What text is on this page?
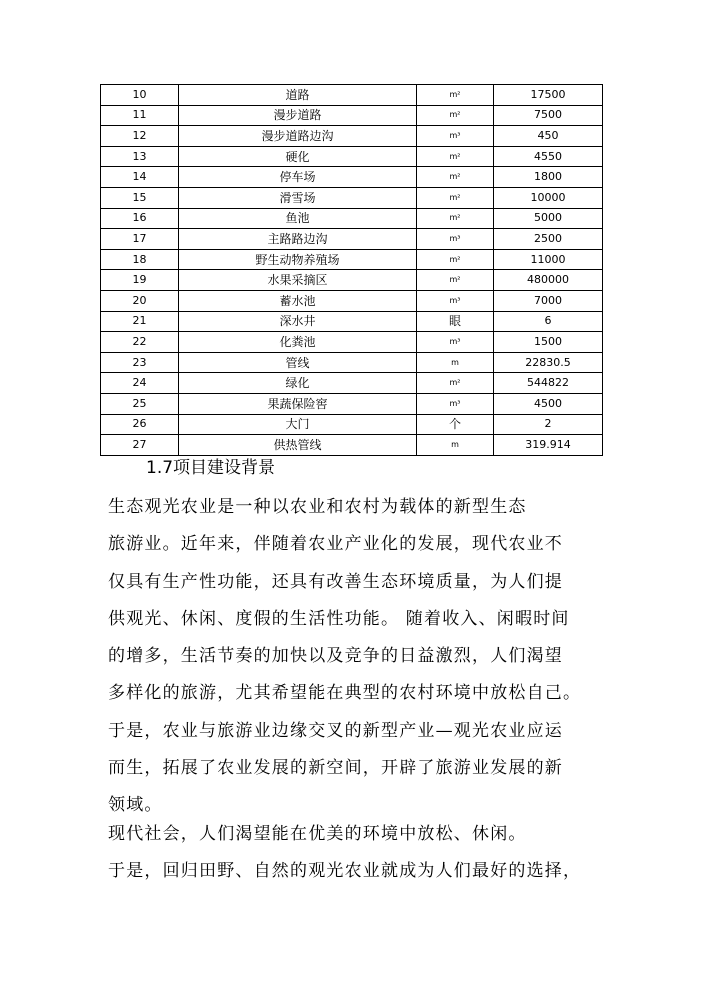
10	道路	m²	17500
11	漫步道路	m²	7500
12	漫步道路边沟	m³	450
13	硬化	m²	4550
14	停车场	m²	1800
15	滑雪场	m²	10000
16	鱼池	m²	5000
17	主路路边沟	m³	2500
18	野生动物养殖场	m²	11000
19	水果采摘区	m²	480000
20	蓄水池	m³	7000
21	深水井	眼	6
22	化粪池	m³	1500
23	管线	m	22830.5
24	绿化	m²	544822
25	果蔬保险窖	m³	4500
26	大门	个	2
27	供热管线	m	319.914
1.7项目建设背景
生态观光农业是一种以农业和农村为载体的新型生态
旅游业。近年来，伴随着农业产业化的发展，现代农业不
仅具有生产性功能，还具有改善生态环境质量，为人们提
供观光、休闲、度假的生活性功能。 随着收入、闲暇时间
的增多，生活节奏的加快以及竞争的日益激烈，人们渴望
多样化的旅游，尤其希望能在典型的农村环境中放松自己。
于是，农业与旅游业边缘交叉的新型产业—观光农业应运
而生，拓展了农业发展的新空间，开辟了旅游业发展的新
领域。
现代社会，人们渴望能在优美的环境中放松、休闲。
于是，回归田野、自然的观光农业就成为人们最好的选择，
